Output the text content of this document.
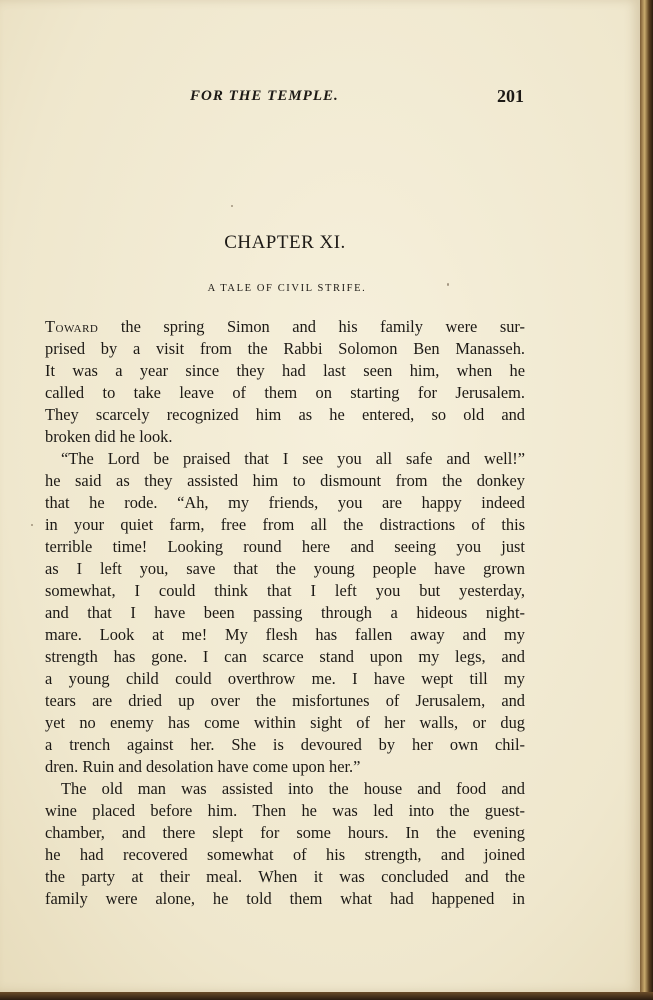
FOR THE TEMPLE.	201
CHAPTER XI.
A TALE OF CIVIL STRIFE.
Toward the spring Simon and his family were sur-
prised by a visit from the Rabbi Solomon Ben Manasseh.
It was a year since they had last seen him, when he
called to take leave of them on starting for Jerusalem.
They scarcely recognized him as he entered, so old and
broken did he look.
“The Lord be praised that I see you all safe and well!”
he said as they assisted him to dismount from the donkey
that he rode. “Ah, my friends, you are happy indeed
in your quiet farm, free from all the distractions of this
terrible time! Looking round here and seeing you just
as I left you, save that the young people have grown
somewhat, I could think that I left you but yesterday,
and that I have been passing through a hideous night-
mare. Look at me! My flesh has fallen away and my
strength has gone. I can scarce stand upon my legs, and
a young child could overthrow me. I have wept till my
tears are dried up over the misfortunes of Jerusalem, and
yet no enemy has come within sight of her walls, or dug
a trench against her. She is devoured by her own chil-
dren. Ruin and desolation have come upon her.”
The old man was assisted into the house and food and
wine placed before him. Then he was led into the guest-
chamber, and there slept for some hours. In the evening
he had recovered somewhat of his strength, and joined
the party at their meal. When it was concluded and the
family were alone, he told them what had happened in
